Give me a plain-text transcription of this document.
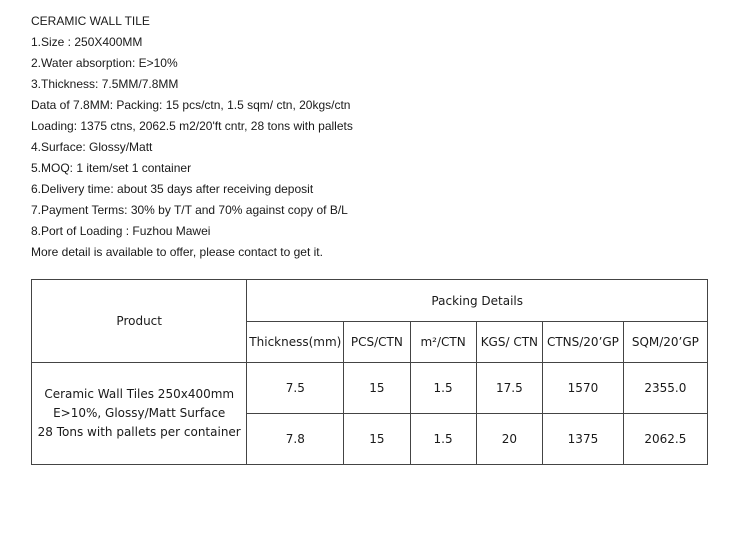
CERAMIC WALL TILE
1.Size : 250X400MM
2.Water absorption: E>10%
3.Thickness: 7.5MM/7.8MM
Data of 7.8MM: Packing: 15 pcs/ctn, 1.5 sqm/ ctn, 20kgs/ctn
Loading: 1375 ctns, 2062.5 m2/20'ft cntr, 28 tons with pallets
4.Surface: Glossy/Matt
5.MOQ: 1 item/set 1 container
6.Delivery time: about 35 days after receiving deposit
7.Payment Terms: 30% by T/T and 70% against copy of B/L
8.Port of Loading : Fuzhou Mawei
More detail is available to offer, please contact to get it.
Product	Packing Details					
	Thickness(mm)	PCS/CTN	m²/CTN	KGS/ CTN	CTNS/20’GP	SQM/20’GP

Ceramic Wall Tiles 250x400mm
E>10%, Glossy/Matt Surface
28 Tons with pallets per container	7.5	15	1.5	17.5	1570	2355.0
	7.8	15	1.5	20	1375	2062.5
